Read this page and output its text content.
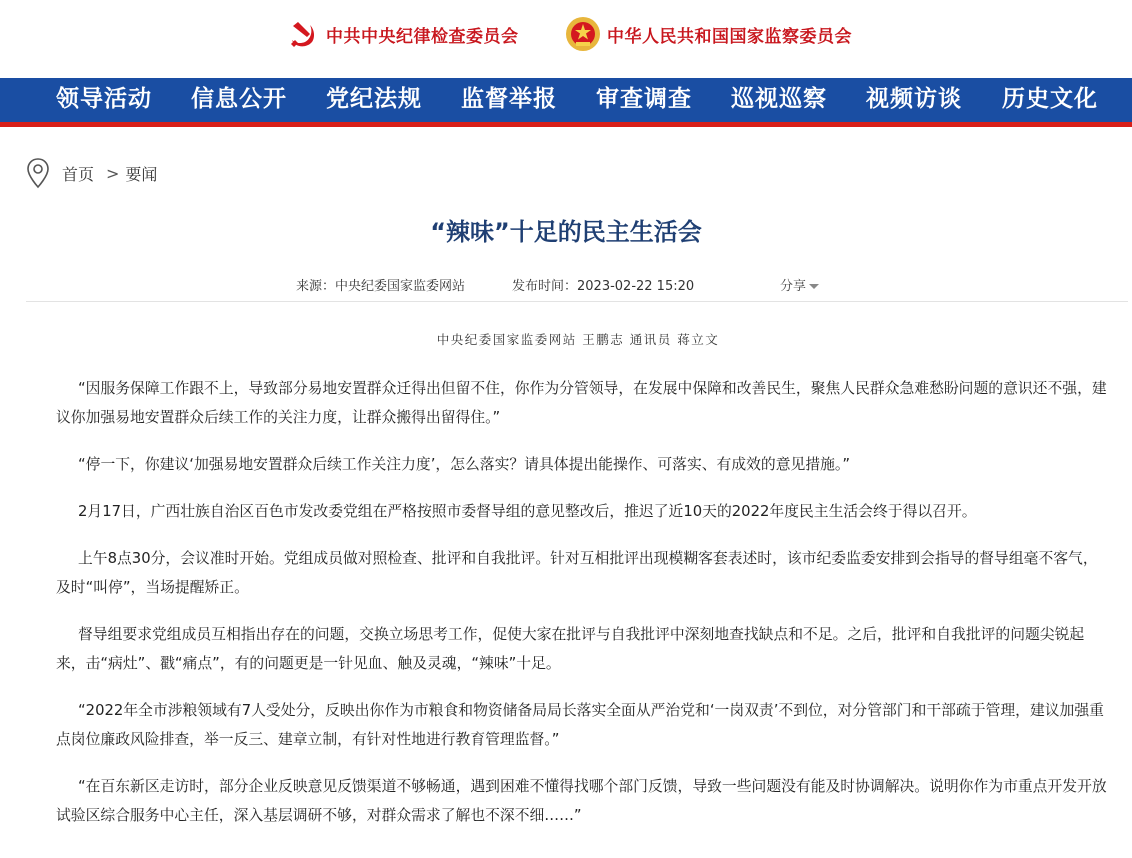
中共中央纪律检查委员会	中华人民共和国国家监察委员会
领导活动 信息公开 党纪法规 监督举报 审查调查 巡视巡察 视频访谈 历史文化
首页 > 要闻
“辣味”十足的民主生活会
来源：中央纪委国家监委网站	发布时间：2023-02-22 15:20	分享
中央纪委国家监委网站 王鹏志 通讯员 蒋立文

“因服务保障工作跟不上，导致部分易地安置群众迁得出但留不住，你作为分管领导，在发展中保障和改善民生，聚焦人民群众急难愁盼问题的意识还不强，建议你加强易地安置群众后续工作的关注力度，让群众搬得出留得住。”

“停一下，你建议‘加强易地安置群众后续工作关注力度’，怎么落实？请具体提出能操作、可落实、有成效的意见措施。”

2月17日，广西壮族自治区百色市发改委党组在严格按照市委督导组的意见整改后，推迟了近10天的2022年度民主生活会终于得以召开。

上午8点30分，会议准时开始。党组成员做对照检查、批评和自我批评。针对互相批评出现模糊客套表述时，该市纪委监委安排到会指导的督导组毫不客气，及时“叫停”，当场提醒矫正。

督导组要求党组成员互相指出存在的问题，交换立场思考工作，促使大家在批评与自我批评中深刻地查找缺点和不足。之后，批评和自我批评的问题尖锐起来，击“病灶”、戳“痛点”，有的问题更是一针见血、触及灵魂，“辣味”十足。

“2022年全市涉粮领域有7人受处分，反映出你作为市粮食和物资储备局局长落实全面从严治党和‘一岗双责’不到位，对分管部门和干部疏于管理，建议加强重点岗位廉政风险排查，举一反三、建章立制，有针对性地进行教育管理监督。”

“在百东新区走访时，部分企业反映意见反馈渠道不够畅通，遇到困难不懂得找哪个部门反馈，导致一些问题没有能及时协调解决。说明你作为市重点开发开放试验区综合服务中心主任，深入基层调研不够，对群众需求了解也不深不细……”
